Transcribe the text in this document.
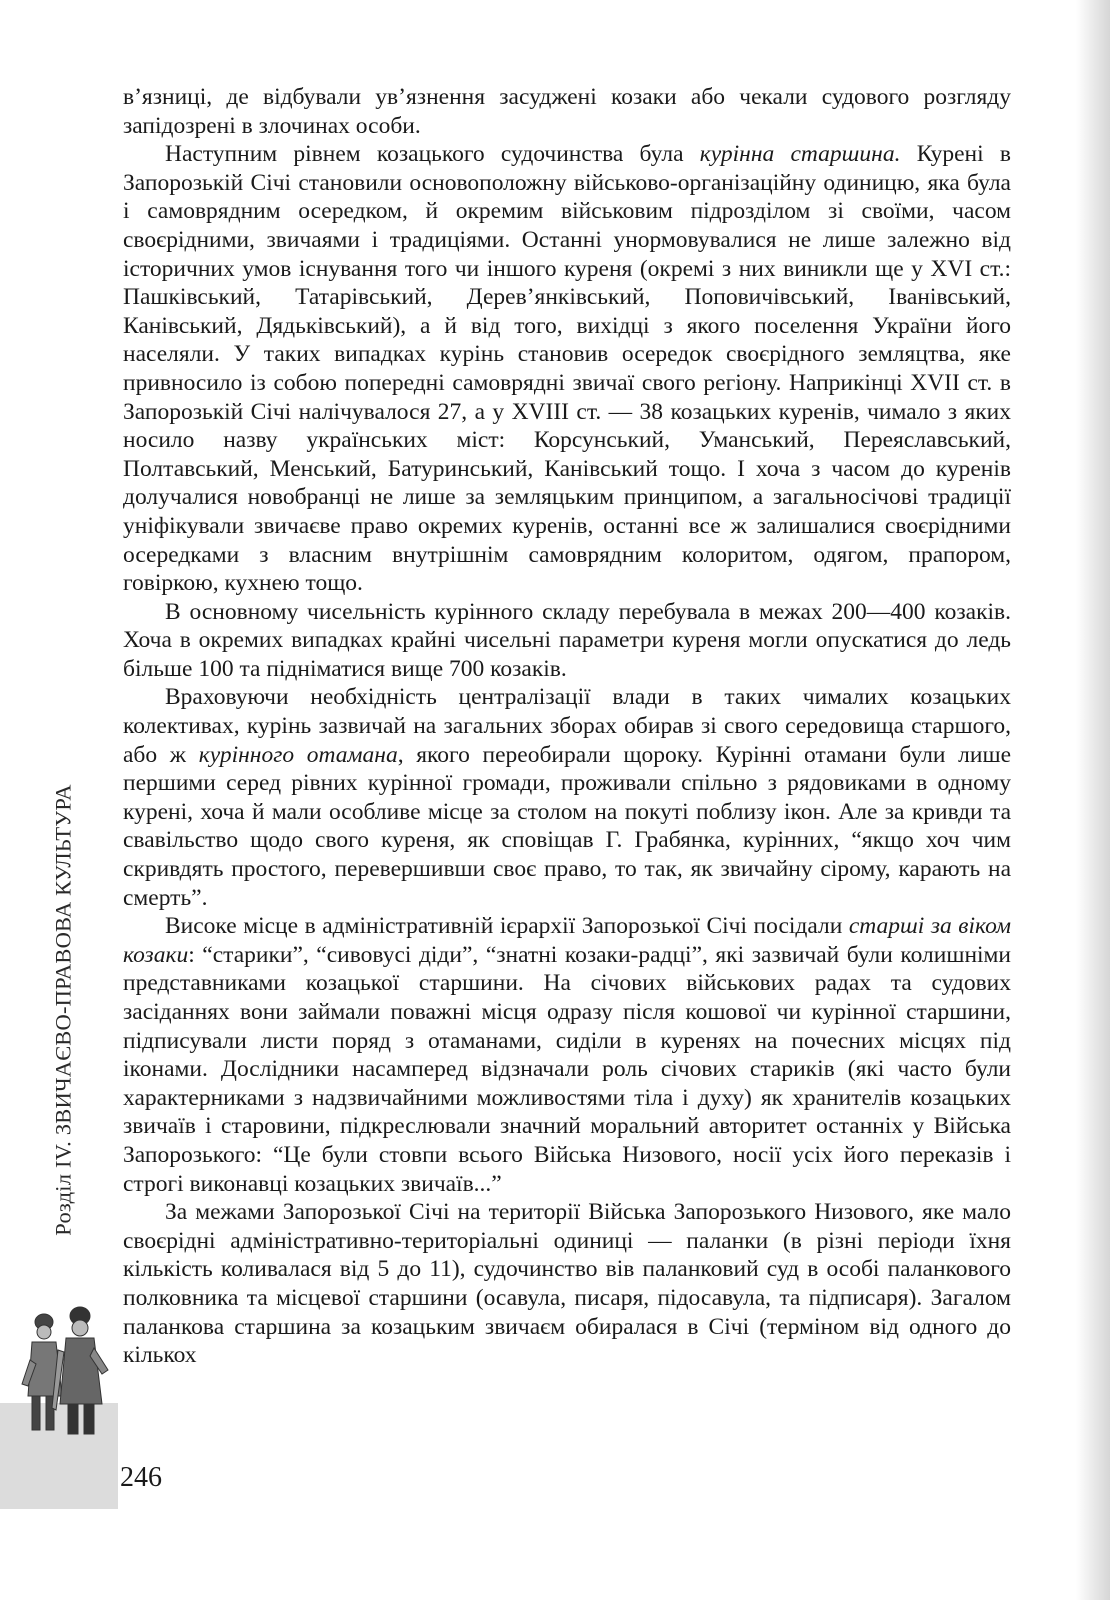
Розділ IV. ЗВИЧАЄВО-ПРАВОВА КУЛЬТУРА

в’язниці, де відбували ув’язнення засуджені козаки або чекали судового розгляду запідозрені в злочинах особи.

Наступним рівнем козацького судочинства була курінна старшина. Курені в Запорозькій Січі становили основоположну військово-організаційну одиницю, яка була і самоврядним осередком, й окремим військовим підрозділом зі своїми, часом своєрідними, звичаями і традиціями. Останні унормовувалися не лише залежно від історичних умов існування того чи іншого куреня (окремі з них виникли ще у XVI ст.: Пашківський, Татарівський, Дерев’янківський, Поповичівський, Іванівський, Канівський, Дядьківський), а й від того, вихідці з якого поселення України його населяли. У таких випадках курінь становив осередок своєрідного земляцтва, яке привносило із собою попередні самоврядні звичаї свого регіону. Наприкінці XVII ст. в Запорозькій Січі налічувалося 27, а у XVIII ст. — 38 козацьких куренів, чимало з яких носило назву українських міст: Корсунський, Уманський, Переяславський, Полтавський, Менський, Батуринський, Канівський тощо. І хоча з часом до куренів долучалися новобранці не лише за земляцьким принципом, а загальносічові традиції уніфікували звичаєве право окремих куренів, останні все ж залишалися своєрідними осередками з власним внутрішнім самоврядним колоритом, одягом, прапором, говіркою, кухнею тощо.

В основному чисельність курінного складу перебувала в межах 200—400 козаків. Хоча в окремих випадках крайні чисельні параметри куреня могли опускатися до ледь більше 100 та підніматися вище 700 козаків.

Враховуючи необхідність централізації влади в таких чималих козацьких колективах, курінь зазвичай на загальних зборах обирав зі свого середовища старшого, або ж курінного отамана, якого переобирали щороку. Курінні отамани були лише першими серед рівних курінної громади, проживали спільно з рядовиками в одному курені, хоча й мали особливе місце за столом на покуті поблизу ікон. Але за кривди та свавільство щодо свого куреня, як сповіщав Г. Грабянка, курінних, “якщо хоч чим скривдять простого, перевершивши своє право, то так, як звичайну сірому, карають на смерть”.

Високе місце в адміністративній ієрархії Запорозької Січі посідали старші за віком козаки: “старики”, “сивовусі діди”, “знатні козаки-радці”, які зазвичай були колишніми представниками козацької старшини. На січових військових радах та судових засіданнях вони займали поважні місця одразу після кошової чи курінної старшини, підписували листи поряд з отаманами, сиділи в куренях на почесних місцях під іконами. Дослідники насамперед відзначали роль січових стариків (які часто були характерниками з надзвичайними можливостями тіла і духу) як хранителів козацьких звичаїв і старовини, підкреслювали значний моральний авторитет останніх у Війська Запорозького: “Це були стовпи всього Війська Низового, носії усіх його переказів і строгі виконавці козацьких звичаїв...”

За межами Запорозької Січі на території Війська Запорозького Низового, яке мало своєрідні адміністративно-територіальні одиниці — паланки (в різні періоди їхня кількість коливалася від 5 до 11), судочинство вів паланковий суд в особі паланкового полковника та місцевої старшини (осавула, писаря, підосавула, та підписаря). Загалом паланкова старшина за козацьким звичаєм обиралася в Січі (терміном від одного до кількох

246
